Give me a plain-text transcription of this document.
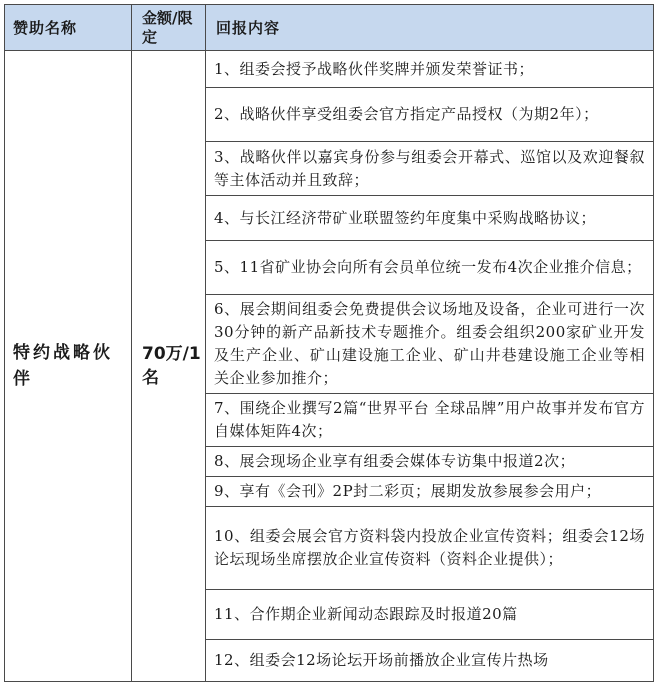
赞助名称	金额/限定	回报内容
特约战略伙伴	70万/1名	1、组委会授予战略伙伴奖牌并颁发荣誉证书；
		2、战略伙伴享受组委会官方指定产品授权（为期2年）；
		3、战略伙伴以嘉宾身份参与组委会开幕式、巡馆以及欢迎餐叙等主体活动并且致辞；
		4、与长江经济带矿业联盟签约年度集中采购战略协议；
		5、11省矿业协会向所有会员单位统一发布4次企业推介信息；
		6、展会期间组委会免费提供会议场地及设备，企业可进行一次30分钟的新产品新技术专题推介。组委会组织200家矿业开发及生产企业、矿山建设施工企业、矿山井巷建设施工企业等相关企业参加推介；
		7、围绕企业撰写2篇“世界平台 全球品牌”用户故事并发布官方自媒体矩阵4次；
		8、展会现场企业享有组委会媒体专访集中报道2次；
		9、享有《会刊》2P封二彩页；展期发放参展参会用户；
		10、组委会展会官方资料袋内投放企业宣传资料；组委会12场论坛现场坐席摆放企业宣传资料（资料企业提供）；
		11、合作期企业新闻动态跟踪及时报道20篇
		12、组委会12场论坛开场前播放企业宣传片热场
